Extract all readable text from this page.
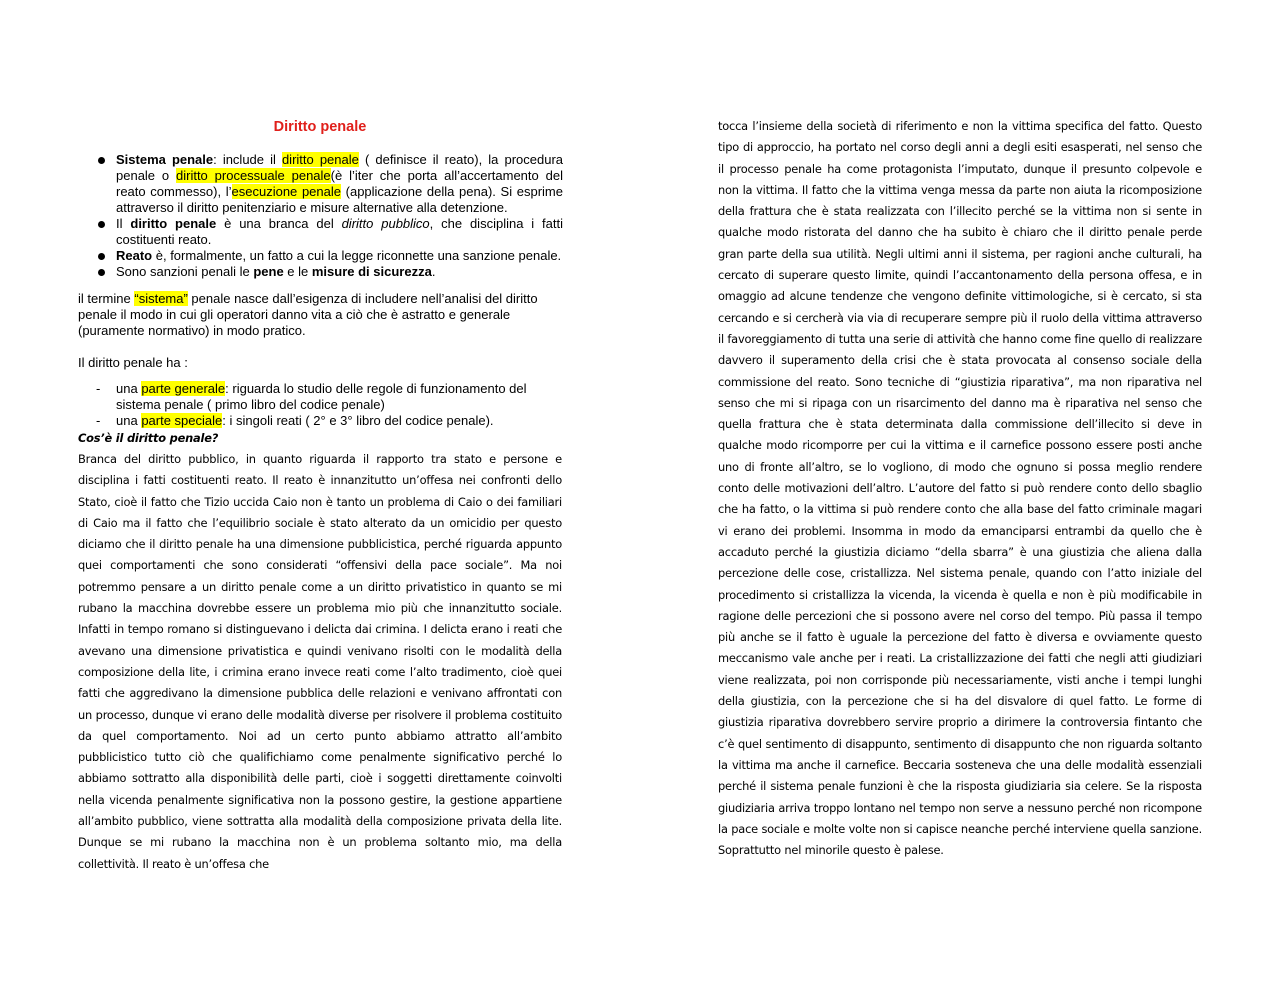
Diritto penale
Sistema penale: include il diritto penale ( definisce il reato), la procedura penale o diritto processuale penale(è l’iter che porta all’accertamento del reato commesso), l’esecuzione penale (applicazione della pena). Si esprime attraverso il diritto penitenziario e misure alternative alla detenzione.
Il diritto penale è una branca del diritto pubblico, che disciplina i fatti costituenti reato.
Reato è, formalmente, un fatto a cui la legge riconnette una sanzione penale.
Sono sanzioni penali le pene e le misure di sicurezza.
il termine “sistema” penale nasce dall’esigenza di includere nell’analisi del diritto penale il modo in cui gli operatori danno vita a ciò che è astratto e generale (puramente normativo) in modo pratico.
Il diritto penale ha :
- una parte generale: riguarda lo studio delle regole di funzionamento del sistema penale ( primo libro del codice penale)
- una parte speciale: i singoli reati ( 2° e 3° libro del codice penale).
Cos’è il diritto penale?
Branca del diritto pubblico, in quanto riguarda il rapporto tra stato e persone e disciplina i fatti costituenti reato. Il reato è innanzitutto un’offesa nei confronti dello Stato, cioè il fatto che Tizio uccida Caio non è tanto un problema di Caio o dei familiari di Caio ma il fatto che l’equilibrio sociale è stato alterato da un omicidio per questo diciamo che il diritto penale ha una dimensione pubblicistica, perché riguarda appunto quei comportamenti che sono considerati “offensivi della pace sociale”. Ma noi potremmo pensare a un diritto penale come a un diritto privatistico in quanto se mi rubano la macchina dovrebbe essere un problema mio più che innanzitutto sociale. Infatti in tempo romano si distinguevano i delicta dai crimina. I delicta erano i reati che avevano una dimensione privatistica e quindi venivano risolti con le modalità della composizione della lite, i crimina erano invece reati come l’alto tradimento, cioè quei fatti che aggredivano la dimensione pubblica delle relazioni e venivano affrontati con un processo, dunque vi erano delle modalità diverse per risolvere il problema costituito da quel comportamento. Noi ad un certo punto abbiamo attratto all’ambito pubblicistico tutto ciò che qualifichiamo come penalmente significativo perché lo abbiamo sottratto alla disponibilità delle parti, cioè i soggetti direttamente coinvolti nella vicenda penalmente significativa non la possono gestire, la gestione appartiene all’ambito pubblico, viene sottratta alla modalità della composizione privata della lite. Dunque se mi rubano la macchina non è un problema soltanto mio, ma della collettività. Il reato è un’offesa che
tocca l’insieme della società di riferimento e non la vittima specifica del fatto. Questo tipo di approccio, ha portato nel corso degli anni a degli esiti esasperati, nel senso che il processo penale ha come protagonista l’imputato, dunque il presunto colpevole e non la vittima. Il fatto che la vittima venga messa da parte non aiuta la ricomposizione della frattura che è stata realizzata con l’illecito perché se la vittima non si sente in qualche modo ristorata del danno che ha subito è chiaro che il diritto penale perde gran parte della sua utilità. Negli ultimi anni il sistema, per ragioni anche culturali, ha cercato di superare questo limite, quindi l’accantonamento della persona offesa, e in omaggio ad alcune tendenze che vengono definite vittimologiche, si è cercato, si sta cercando e si cercherà via via di recuperare sempre più il ruolo della vittima attraverso il favoreggiamento di tutta una serie di attività che hanno come fine quello di realizzare davvero il superamento della crisi che è stata provocata al consenso sociale della commissione del reato. Sono tecniche di “giustizia riparativa”, ma non riparativa nel senso che mi si ripaga con un risarcimento del danno ma è riparativa nel senso che quella frattura che è stata determinata dalla commissione dell’illecito si deve in qualche modo ricomporre per cui la vittima e il carnefice possono essere posti anche uno di fronte all’altro, se lo vogliono, di modo che ognuno si possa meglio rendere conto delle motivazioni dell’altro. L’autore del fatto si può rendere conto dello sbaglio che ha fatto, o la vittima si può rendere conto che alla base del fatto criminale magari vi erano dei problemi. Insomma in modo da emanciparsi entrambi da quello che è accaduto perché la giustizia diciamo “della sbarra” è una giustizia che aliena dalla percezione delle cose, cristallizza. Nel sistema penale, quando con l’atto iniziale del procedimento si cristallizza la vicenda, la vicenda è quella e non è più modificabile in ragione delle percezioni che si possono avere nel corso del tempo. Più passa il tempo più anche se il fatto è uguale la percezione del fatto è diversa e ovviamente questo meccanismo vale anche per i reati. La cristallizzazione dei fatti che negli atti giudiziari viene realizzata, poi non corrisponde più necessariamente, visti anche i tempi lunghi della giustizia, con la percezione che si ha del disvalore di quel fatto. Le forme di giustizia riparativa dovrebbero servire proprio a dirimere la controversia fintanto che c’è quel sentimento di disappunto, sentimento di disappunto che non riguarda soltanto la vittima ma anche il carnefice. Beccaria sosteneva che una delle modalità essenziali perché il sistema penale funzioni è che la risposta giudiziaria sia celere. Se la risposta giudiziaria arriva troppo lontano nel tempo non serve a nessuno perché non ricompone la pace sociale e molte volte non si capisce neanche perché interviene quella sanzione. Soprattutto nel minorile questo è palese.
